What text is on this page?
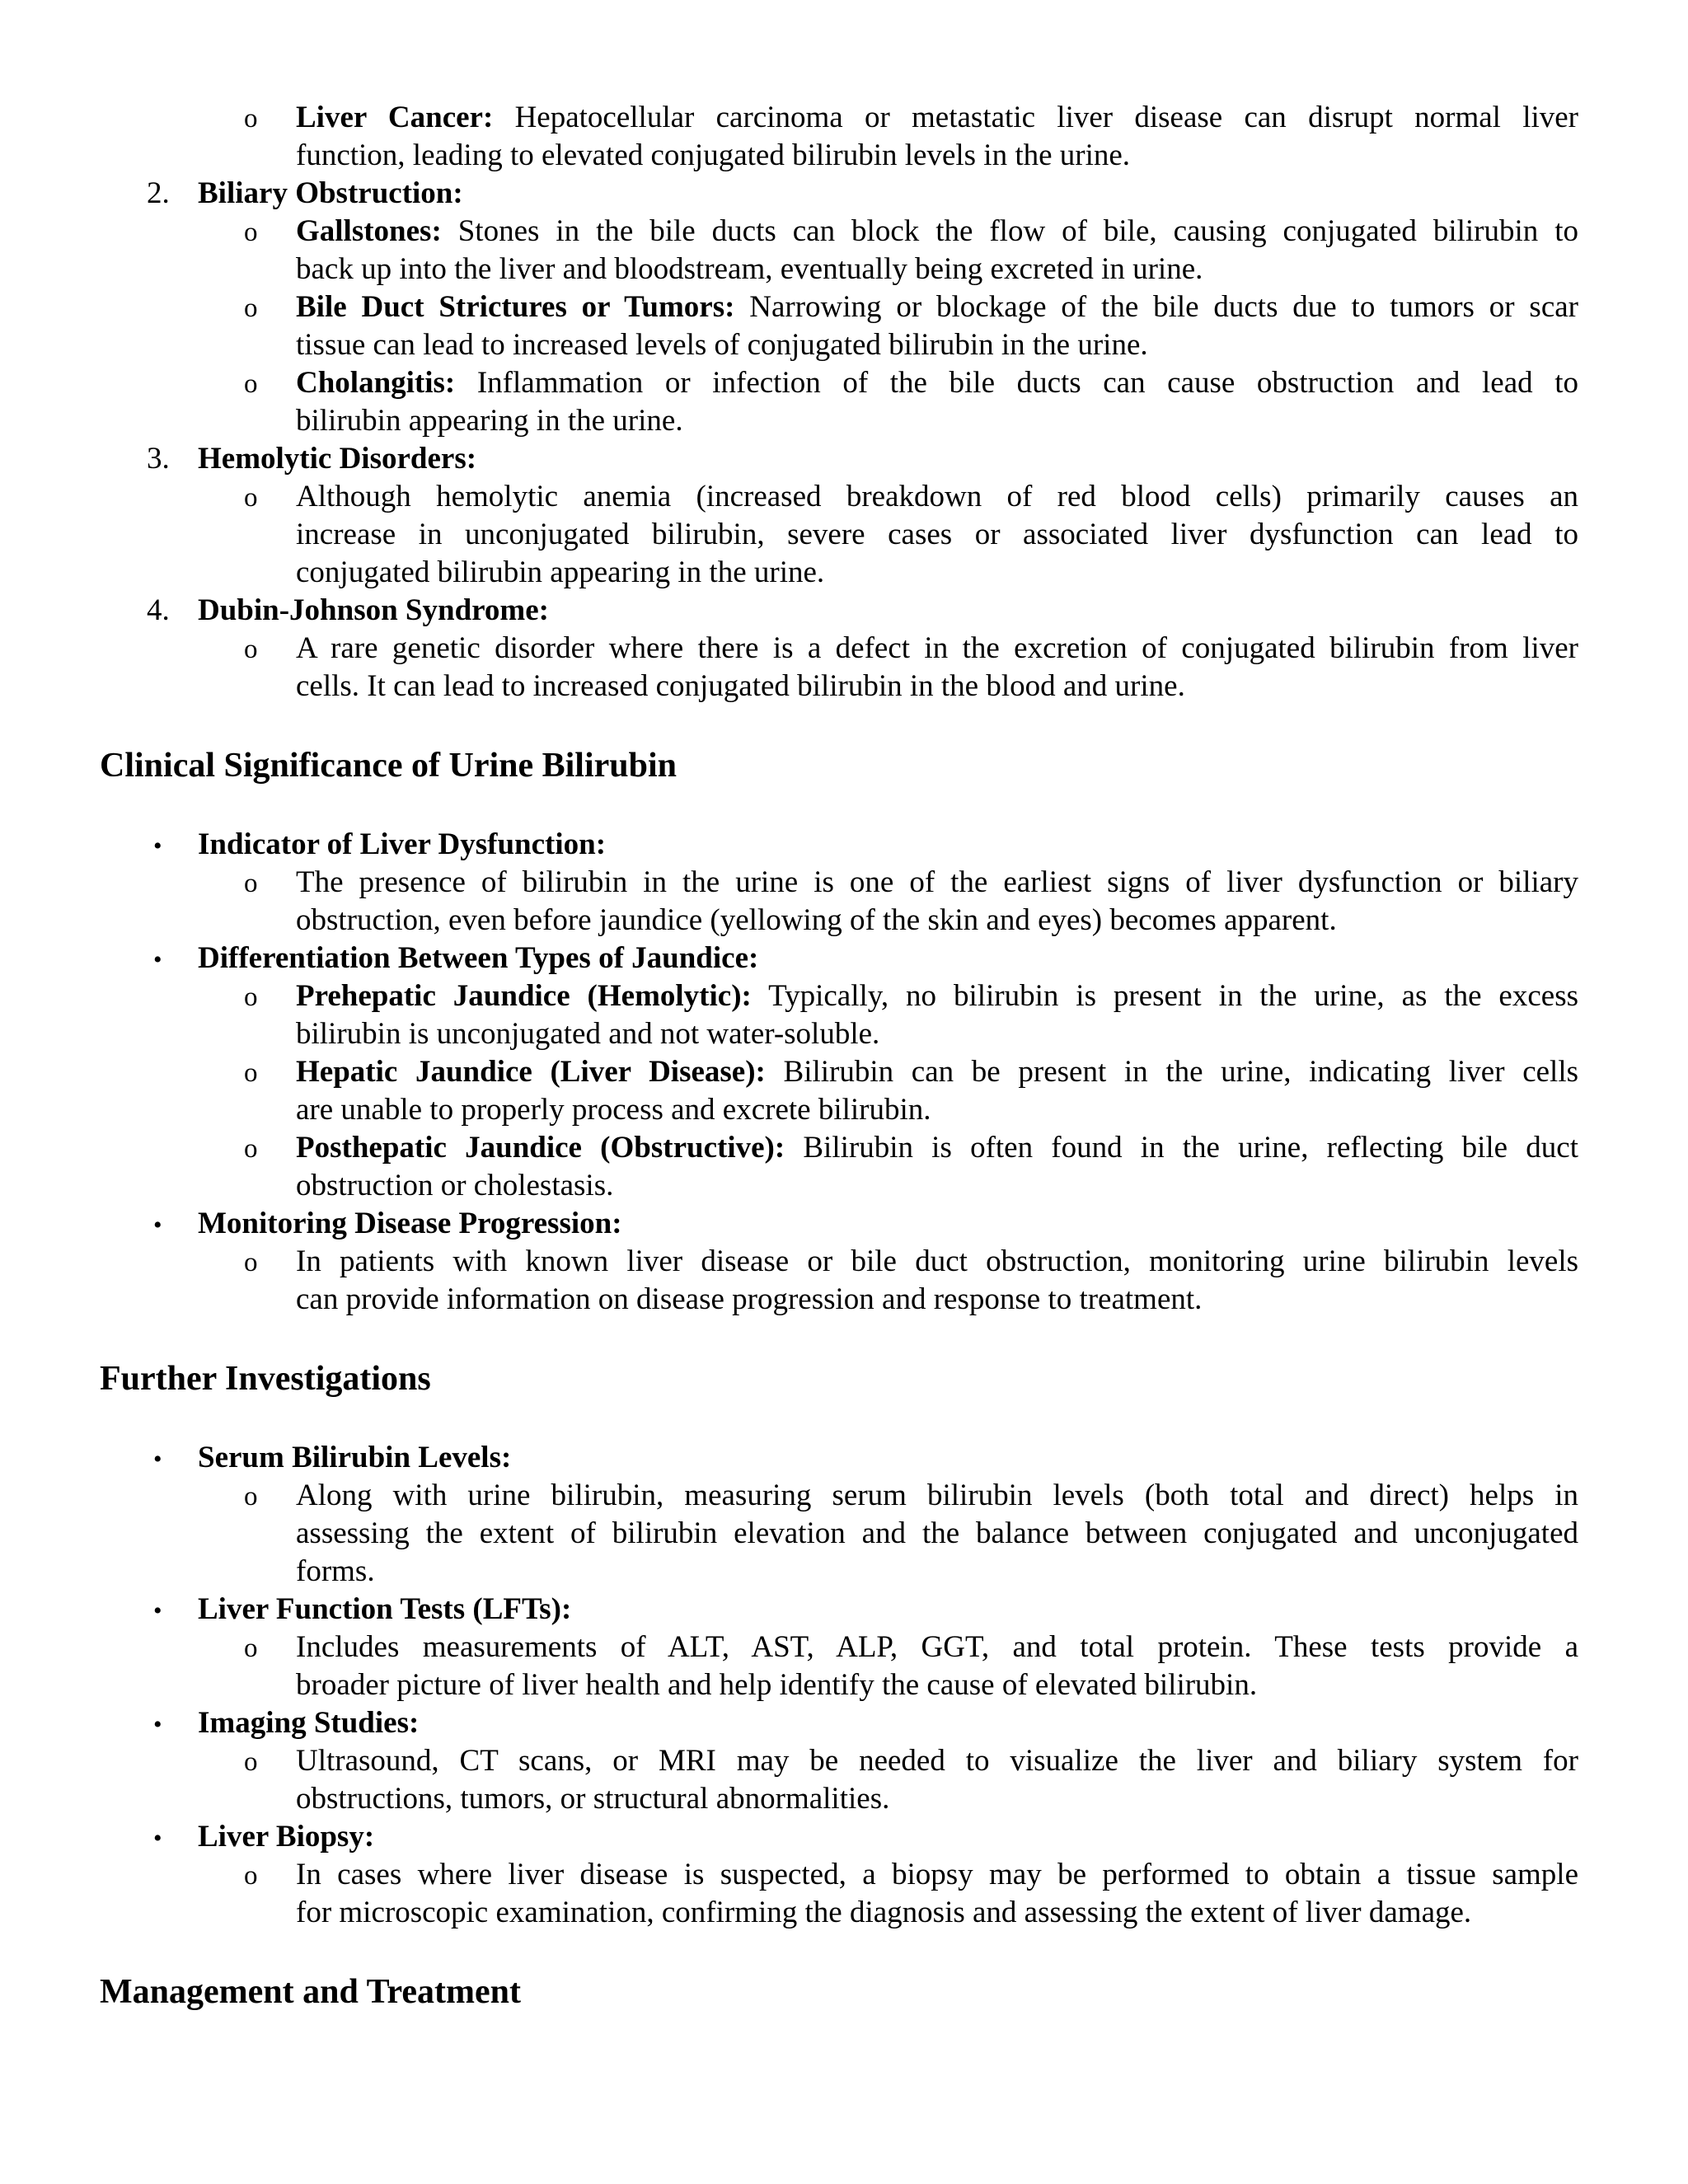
o Liver Cancer: Hepatocellular carcinoma or metastatic liver disease can disrupt normal liver
function, leading to elevated conjugated bilirubin levels in the urine.
2. Biliary Obstruction:
o Gallstones: Stones in the bile ducts can block the flow of bile, causing conjugated bilirubin to
back up into the liver and bloodstream, eventually being excreted in urine.
o Bile Duct Strictures or Tumors: Narrowing or blockage of the bile ducts due to tumors or scar
tissue can lead to increased levels of conjugated bilirubin in the urine.
o Cholangitis: Inflammation or infection of the bile ducts can cause obstruction and lead to
bilirubin appearing in the urine.
3. Hemolytic Disorders:
o Although hemolytic anemia (increased breakdown of red blood cells) primarily causes an
increase in unconjugated bilirubin, severe cases or associated liver dysfunction can lead to
conjugated bilirubin appearing in the urine.
4. Dubin-Johnson Syndrome:
o A rare genetic disorder where there is a defect in the excretion of conjugated bilirubin from liver
cells. It can lead to increased conjugated bilirubin in the blood and urine.
Clinical Significance of Urine Bilirubin
• Indicator of Liver Dysfunction:
o The presence of bilirubin in the urine is one of the earliest signs of liver dysfunction or biliary
obstruction, even before jaundice (yellowing of the skin and eyes) becomes apparent.
• Differentiation Between Types of Jaundice:
o Prehepatic Jaundice (Hemolytic): Typically, no bilirubin is present in the urine, as the excess
bilirubin is unconjugated and not water-soluble.
o Hepatic Jaundice (Liver Disease): Bilirubin can be present in the urine, indicating liver cells
are unable to properly process and excrete bilirubin.
o Posthepatic Jaundice (Obstructive): Bilirubin is often found in the urine, reflecting bile duct
obstruction or cholestasis.
• Monitoring Disease Progression:
o In patients with known liver disease or bile duct obstruction, monitoring urine bilirubin levels
can provide information on disease progression and response to treatment.
Further Investigations
• Serum Bilirubin Levels:
o Along with urine bilirubin, measuring serum bilirubin levels (both total and direct) helps in
assessing the extent of bilirubin elevation and the balance between conjugated and unconjugated
forms.
• Liver Function Tests (LFTs):
o Includes measurements of ALT, AST, ALP, GGT, and total protein. These tests provide a
broader picture of liver health and help identify the cause of elevated bilirubin.
• Imaging Studies:
o Ultrasound, CT scans, or MRI may be needed to visualize the liver and biliary system for
obstructions, tumors, or structural abnormalities.
• Liver Biopsy:
o In cases where liver disease is suspected, a biopsy may be performed to obtain a tissue sample
for microscopic examination, confirming the diagnosis and assessing the extent of liver damage.
Management and Treatment
